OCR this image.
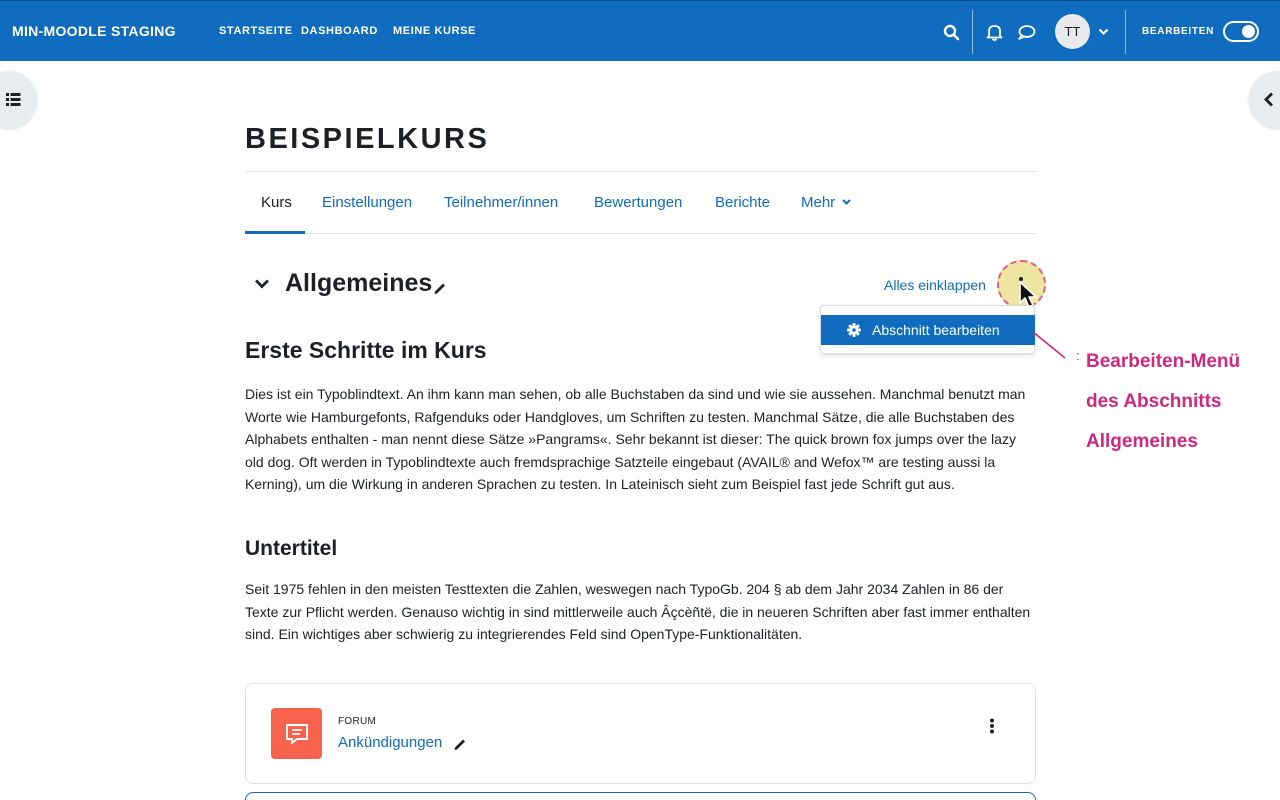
MIN-MOODLE STAGING	STARTSEITE DASHBOARD MEINE KURSE	TT	BEARBEITEN
BEISPIELKURS
Kurs Einstellungen Teilnehmer/innen Bewertungen Berichte Mehr
Allgemeines	Alles einklappen
Abschnitt bearbeiten
: Bearbeiten-Menü
des Abschnitts
Allgemeines
Erste Schritte im Kurs
Dies ist ein Typoblindtext. An ihm kann man sehen, ob alle Buchstaben da sind und wie sie aussehen. Manchmal benutzt man Worte wie Hamburgefonts, Rafgenduks oder Handgloves, um Schriften zu testen. Manchmal Sätze, die alle Buchstaben des Alphabets enthalten - man nennt diese Sätze »Pangrams«. Sehr bekannt ist dieser: The quick brown fox jumps over the lazy old dog. Oft werden in Typoblindtexte auch fremdsprachige Satzteile eingebaut (AVAIL® and Wefox™ are testing aussi la Kerning), um die Wirkung in anderen Sprachen zu testen. In Lateinisch sieht zum Beispiel fast jede Schrift gut aus.
Untertitel
Seit 1975 fehlen in den meisten Testtexten die Zahlen, weswegen nach TypoGb. 204 § ab dem Jahr 2034 Zahlen in 86 der Texte zur Pflicht werden. Genauso wichtig in sind mittlerweile auch Âçcèñtë, die in neueren Schriften aber fast immer enthalten sind. Ein wichtiges aber schwierig zu integrierendes Feld sind OpenType-Funktionalitäten.
FORUM
Ankündigungen
